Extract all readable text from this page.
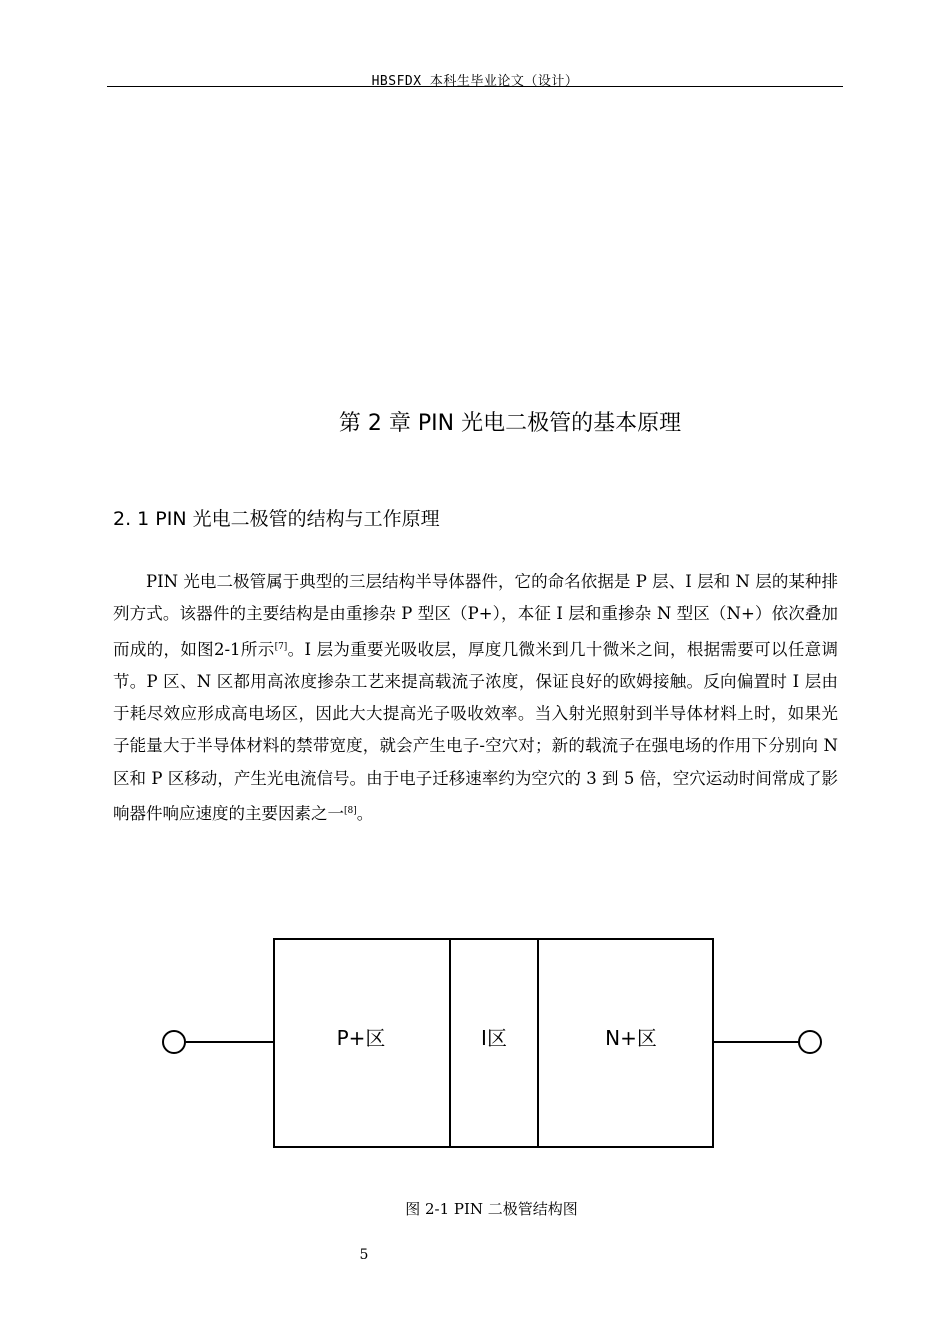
HBSFDX 本科生毕业论文（设计）
第 2 章 PIN 光电二极管的基本原理
2. 1 PIN 光电二极管的结构与工作原理
PIN 光电二极管属于典型的三层结构半导体器件，它的命名依据是 P 层、I 层和 N 层的某种排列方式。该器件的主要结构是由重掺杂 P 型区（P+），本征 I 层和重掺杂 N 型区（N+）依次叠加而成的，如图2-1所示[7]。I 层为重要光吸收层，厚度几微米到几十微米之间，根据需要可以任意调节。P 区、N 区都用高浓度掺杂工艺来提高载流子浓度，保证良好的欧姆接触。反向偏置时 I 层由于耗尽效应形成高电场区，因此大大提高光子吸收效率。当入射光照射到半导体材料上时，如果光子能量大于半导体材料的禁带宽度，就会产生电子-空穴对；新的载流子在强电场的作用下分别向 N 区和 P 区移动，产生光电流信号。由于电子迁移速率约为空穴的 3 到 5 倍，空穴运动时间常成了影响器件响应速度的主要因素之一[8]。
P+区	I区	N+区
图 2-1 PIN 二极管结构图
5
